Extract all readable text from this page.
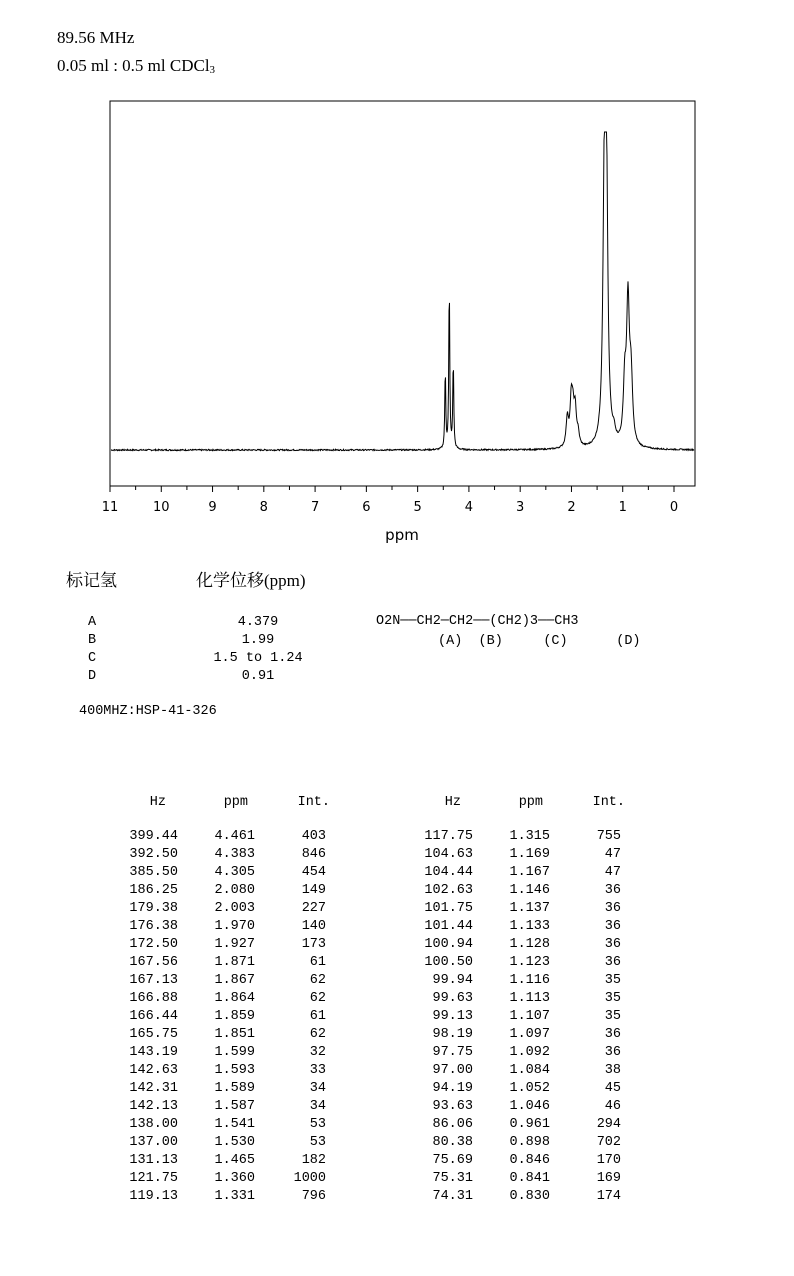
89.56 MHz
0.05 ml : 0.5 ml CDCl$_3$
11	10	9	8	7	6	5	4	3	2	1	0
ppm
标记氢	化学位移(ppm)
A	4.379
B	1.99
C	1.5 to 1.24
D	0.91
O2N──CH2─CH2──(CH2)3──CH3
(A)  (B)     (C)      (D)
400MHZ:HSP-41-326
Hz	ppm	Int.
399.44	4.461	403
392.50	4.383	846
385.50	4.305	454
186.25	2.080	149
179.38	2.003	227
176.38	1.970	140
172.50	1.927	173
167.56	1.871	61
167.13	1.867	62
166.88	1.864	62
166.44	1.859	61
165.75	1.851	62
143.19	1.599	32
142.63	1.593	33
142.31	1.589	34
142.13	1.587	34
138.00	1.541	53
137.00	1.530	53
131.13	1.465	182
121.75	1.360	1000
119.13	1.331	796
Hz	ppm	Int.
117.75	1.315	755
104.63	1.169	47
104.44	1.167	47
102.63	1.146	36
101.75	1.137	36
101.44	1.133	36
100.94	1.128	36
100.50	1.123	36
99.94	1.116	35
99.63	1.113	35
99.13	1.107	35
98.19	1.097	36
97.75	1.092	36
97.00	1.084	38
94.19	1.052	45
93.63	1.046	46
86.06	0.961	294
80.38	0.898	702
75.69	0.846	170
75.31	0.841	169
74.31	0.830	174
